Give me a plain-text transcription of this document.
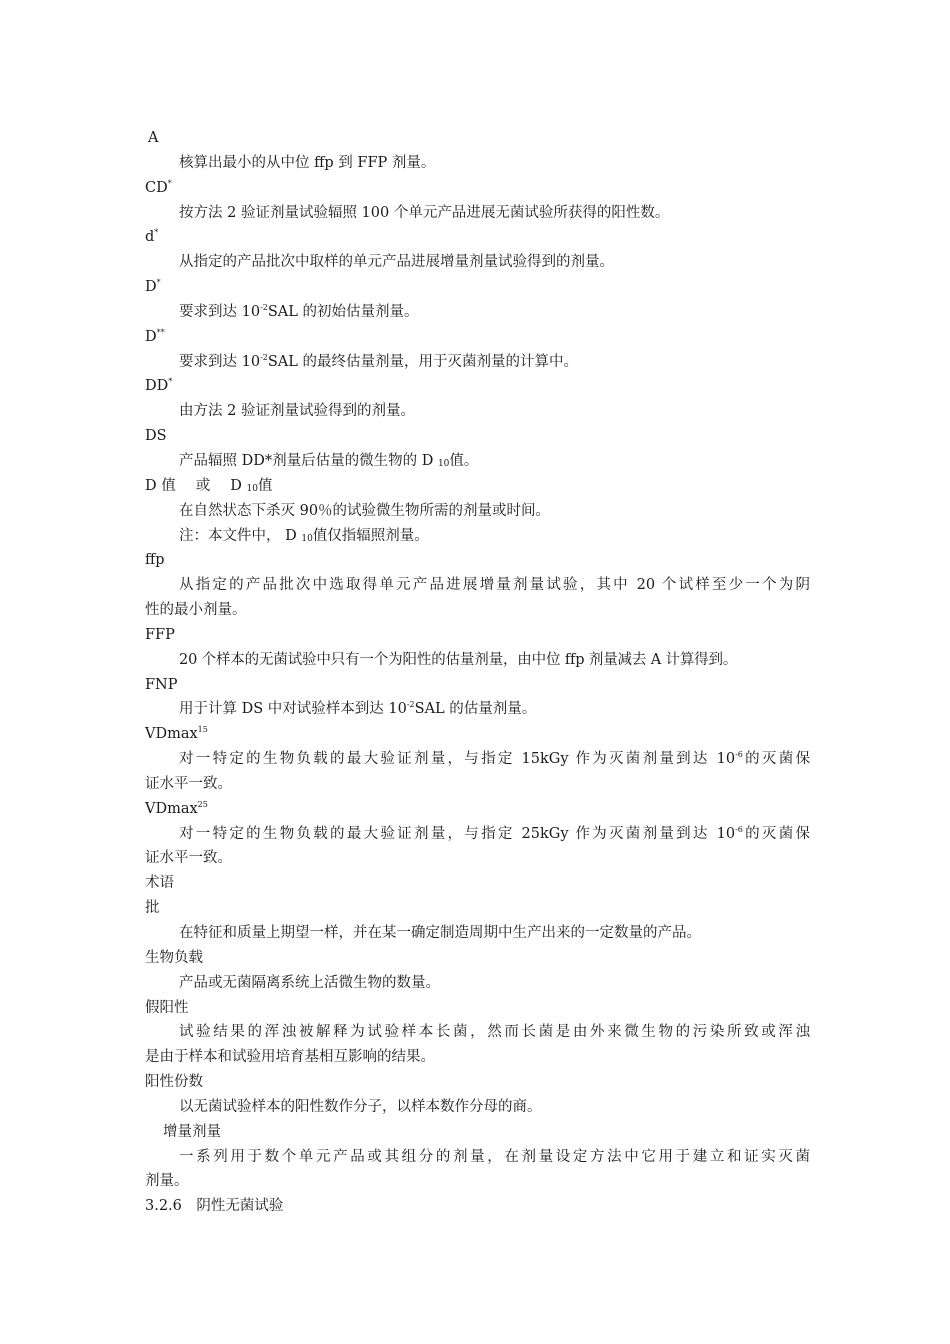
A
核算出最小的从中位 ffp 到 FFP 剂量。
CD*
按方法 2 验证剂量试验辐照 100 个单元产品进展无菌试验所获得的阳性数。
d*
从指定的产品批次中取样的单元产品进展增量剂量试验得到的剂量。
D*
要求到达 $10^{-2}SAL$ 的初始估量剂量。
D**
要求到达 $10^{-2}SAL$ 的最终估量剂量，用于灭菌剂量的计算中。
DD*
由方法 2 验证剂量试验得到的剂量。
DS
产品辐照 DD*剂量后估量的微生物的 D $_{10}$值。
D 值 或 D $_{10}$值
在自然状态下杀灭 90％的试验微生物所需的剂量或时间。
注：本文件中， D $_{10}$值仅指辐照剂量。
ffp
从指定的产品批次中选取得单元产品进展增量剂量试验，其中 20 个试样至少一个为阴
性的最小剂量。
FFP
20 个样本的无菌试验中只有一个为阳性的估量剂量，由中位 ffp 剂量减去 A 计算得到。
FNP
用于计算 DS 中对试验样本到达 $10^{-2}SAL$ 的估量剂量。
VDmax$^{15}$
对一特定的生物负载的最大验证剂量，与指定 15kGy 作为灭菌剂量到达 $10^{-6}$的灭菌保
证水平一致。
VDmax$^{25}$
对一特定的生物负载的最大验证剂量，与指定 25kGy 作为灭菌剂量到达 $10^{-6}$的灭菌保
证水平一致。
术语
批
在特征和质量上期望一样，并在某一确定制造周期中生产出来的一定数量的产品。
生物负载
产品或无菌隔离系统上活微生物的数量。
假阳性
试验结果的浑浊被解释为试验样本长菌，然而长菌是由外来微生物的污染所致或浑浊
是由于样本和试验用培育基相互影响的结果。
阳性份数
以无菌试验样本的阳性数作分子，以样本数作分母的商。
增量剂量
一系列用于数个单元产品或其组分的剂量，在剂量设定方法中它用于建立和证实灭菌
剂量。
3.2.6　阴性无菌试验
